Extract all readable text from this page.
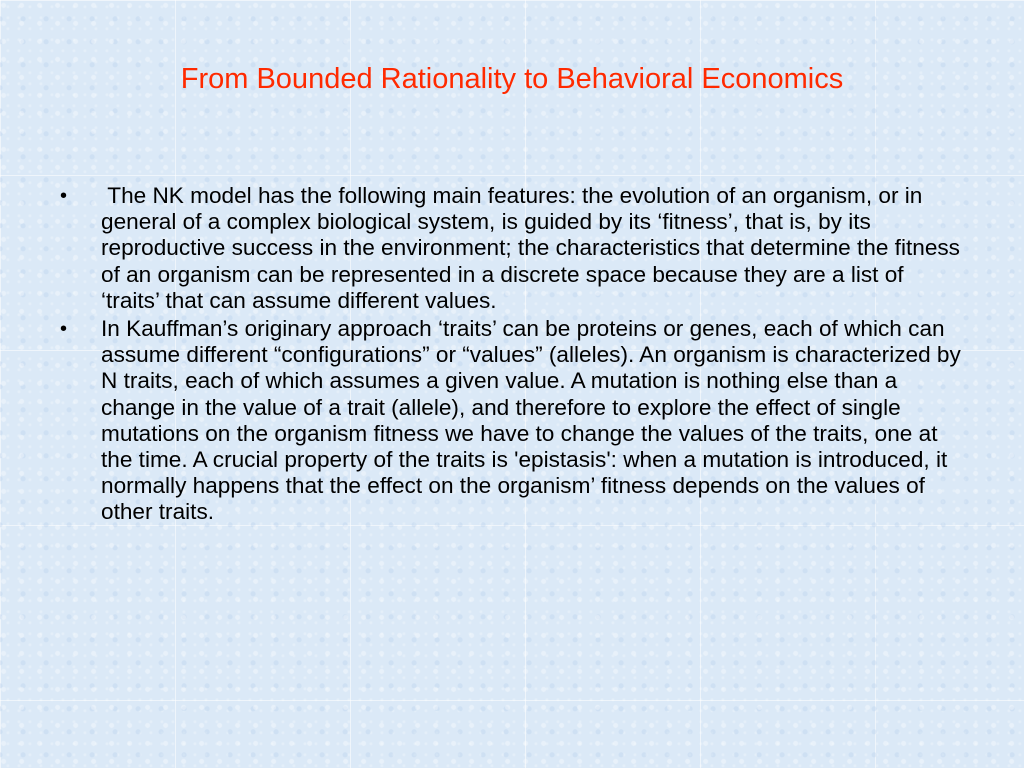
From Bounded Rationality to Behavioral Economics
•	The NK model has the following main features: the evolution of an organism, or in general of a complex biological system, is guided by its ‘fitness’, that is, by its reproductive success in the environment; the characteristics that determine the fitness of an organism can be represented in a discrete space because they are a list of ‘traits’ that can assume different values.
•	In Kauffman’s originary approach ‘traits’ can be proteins or genes, each of which can assume different “configurations” or “values” (alleles). An organism is characterized by N traits, each of which assumes a given value. A mutation is nothing else than a change in the value of a trait (allele), and therefore to explore the effect of single mutations on the organism fitness we have to change the values of the traits, one at the time. A crucial property of the traits is 'epistasis': when a mutation is introduced, it normally happens that the effect on the organism’ fitness depends on the values of other traits.
